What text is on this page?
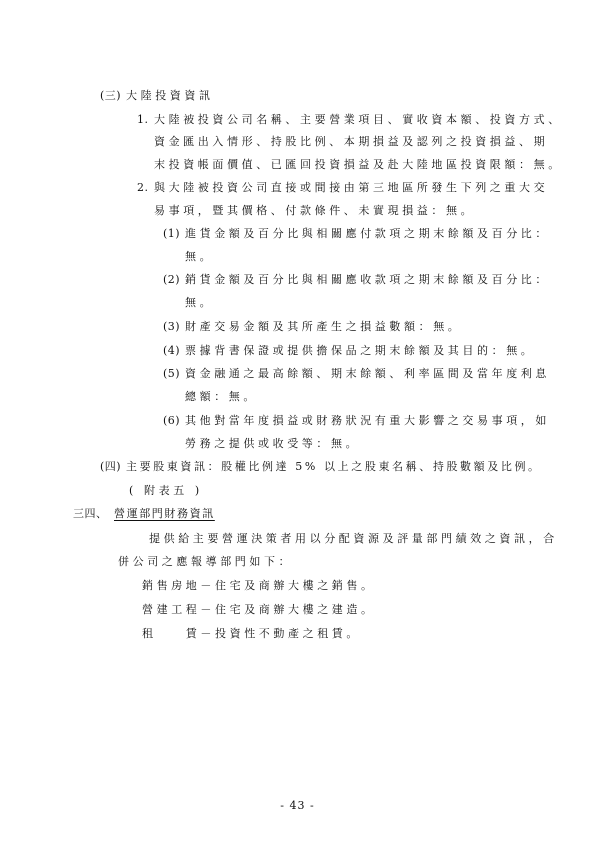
(三) 大陸投資資訊
1. 大陸被投資公司名稱、主要營業項目、實收資本額、投資方式、
資金匯出入情形、持股比例、本期損益及認列之投資損益、期
末投資帳面價值、已匯回投資損益及赴大陸地區投資限額：無。
2. 與大陸被投資公司直接或間接由第三地區所發生下列之重大交
易事項，暨其價格、付款條件、未實現損益：無。
(1) 進貨金額及百分比與相關應付款項之期末餘額及百分比：
無。
(2) 銷貨金額及百分比與相關應收款項之期末餘額及百分比：
無。
(3) 財產交易金額及其所產生之損益數額：無。
(4) 票據背書保證或提供擔保品之期末餘額及其目的：無。
(5) 資金融通之最高餘額、期末餘額、利率區間及當年度利息
總額：無。
(6) 其他對當年度損益或財務狀況有重大影響之交易事項，如
勞務之提供或收受等：無。
(四) 主要股東資訊：股權比例達 5% 以上之股東名稱、持股數額及比例。
( 附表五 )
三四、 營運部門財務資訊
提供給主要營運決策者用以分配資源及評量部門績效之資訊，合
併公司之應報導部門如下：
銷售房地－住宅及商辦大樓之銷售。
營建工程－住宅及商辦大樓之建造。
租　　賃－投資性不動產之租賃。
- 43 -
